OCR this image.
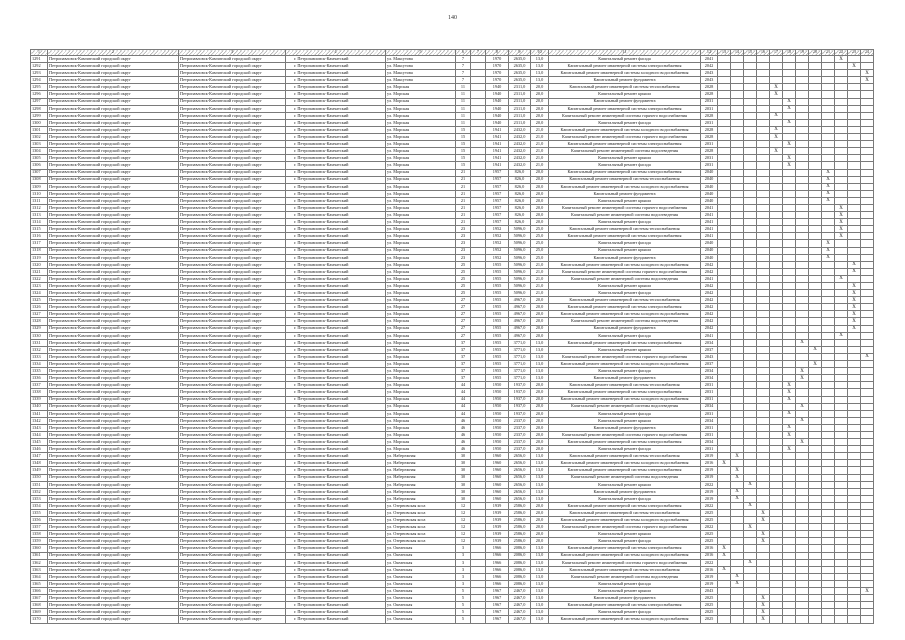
140
1	2	3	4	5	6	7	8	9	10	11	12	13	14	15	16	17	18	19	20	21	22	23	24
1291	Петропавловск-Камчатский городской округ	Петропавловск-Камчатский городской округ	г. Петропавловск-Камчатский	ул. Максутова	7		1970	2635,0	13,0	Капитальный ремонт фасада	2041										X		
1292	Петропавловск-Камчатский городской округ	Петропавловск-Камчатский городской округ	г. Петропавловск-Камчатский	ул. Максутова	7		1970	2635,0	13,0	Капитальный ремонт инженерной системы электроснабжения	2042											X	
1293	Петропавловск-Камчатский городской округ	Петропавловск-Камчатский городской округ	г. Петропавловск-Камчатский	ул. Максутова	7		1970	2635,0	13,0	Капитальный ремонт инженерной системы холодного водоснабжения	2043												X
1294	Петропавловск-Камчатский городской округ	Петропавловск-Камчатский городской округ	г. Петропавловск-Камчатский	ул. Максутова	7		1970	2635,0	13,0	Капитальный ремонт фундамента	2043												X
1295	Петропавловск-Камчатский городской округ	Петропавловск-Камчатский городской округ	г. Петропавловск-Камчатский	ул. Морская	11		1940	2311,0	20,0	Капитальный ремонт инженерной системы теплоснабжения	2028					X							
1296	Петропавловск-Камчатский городской округ	Петропавловск-Камчатский городской округ	г. Петропавловск-Камчатский	ул. Морская	11		1940	2311,0	20,0	Капитальный ремонт крыши	2028					X							
1297	Петропавловск-Камчатский городской округ	Петропавловск-Камчатский городской округ	г. Петропавловск-Камчатский	ул. Морская	11		1940	2311,0	20,0	Капитальный ремонт фундамента	2031						X						
1298	Петропавловск-Камчатский городской округ	Петропавловск-Камчатский городской округ	г. Петропавловск-Камчатский	ул. Морская	11		1940	2311,0	20,0	Капитальный ремонт инженерной системы электроснабжения	2031						X						
1299	Петропавловск-Камчатский городской округ	Петропавловск-Камчатский городской округ	г. Петропавловск-Камчатский	ул. Морская	11		1940	2311,0	20,0	Капитальный ремонт инженерной системы горячего водоснабжения	2028					X							
1300	Петропавловск-Камчатский городской округ	Петропавловск-Камчатский городской округ	г. Петропавловск-Камчатский	ул. Морская	11		1940	2311,0	20,0	Капитальный ремонт фасада	2031						X						
1301	Петропавловск-Камчатский городской округ	Петропавловск-Камчатский городской округ	г. Петропавловск-Камчатский	ул. Морская	15		1941	2432,0	21,0	Капитальный ремонт инженерной системы холодного водоснабжения	2028					X							
1302	Петропавловск-Камчатский городской округ	Петропавловск-Камчатский городской округ	г. Петропавловск-Камчатский	ул. Морская	15		1941	2432,0	21,0	Капитальный ремонт инженерной системы горячего водоснабжения	2028					X							
1303	Петропавловск-Камчатский городской округ	Петропавловск-Камчатский городской округ	г. Петропавловск-Камчатский	ул. Морская	15		1941	2432,0	21,0	Капитальный ремонт инженерной системы электроснабжения	2031						X						
1304	Петропавловск-Камчатский городской округ	Петропавловск-Камчатский городской округ	г. Петропавловск-Камчатский	ул. Морская	15		1941	2432,0	21,0	Капитальный ремонт инженерной системы водоотведения	2028					X							
1305	Петропавловск-Камчатский городской округ	Петропавловск-Камчатский городской округ	г. Петропавловск-Камчатский	ул. Морская	15		1941	2432,0	21,0	Капитальный ремонт крыши	2031						X						
1306	Петропавловск-Камчатский городской округ	Петропавловск-Камчатский городской округ	г. Петропавловск-Камчатский	ул. Морская	15		1941	2432,0	21,0	Капитальный ремонт фасада	2031						X						
1307	Петропавловск-Камчатский городской округ	Петропавловск-Камчатский городской округ	г. Петропавловск-Камчатский	ул. Морская	21		1957	826,0	20,0	Капитальный ремонт инженерной системы электроснабжения	2040									X			
1308	Петропавловск-Камчатский городской округ	Петропавловск-Камчатский городской округ	г. Петропавловск-Камчатский	ул. Морская	21		1957	826,0	20,0	Капитальный ремонт инженерной системы теплоснабжения	2040									X			
1309	Петропавловск-Камчатский городской округ	Петропавловск-Камчатский городской округ	г. Петропавловск-Камчатский	ул. Морская	21		1957	826,0	20,0	Капитальный ремонт инженерной системы холодного водоснабжения	2040									X			
1310	Петропавловск-Камчатский городской округ	Петропавловск-Камчатский городской округ	г. Петропавловск-Камчатский	ул. Морская	21		1957	826,0	20,0	Капитальный ремонт фундамента	2040									X			
1311	Петропавловск-Камчатский городской округ	Петропавловск-Камчатский городской округ	г. Петропавловск-Камчатский	ул. Морская	21		1957	826,0	20,0	Капитальный ремонт крыши	2040									X			
1312	Петропавловск-Камчатский городской округ	Петропавловск-Камчатский городской округ	г. Петропавловск-Камчатский	ул. Морская	21		1957	826,0	20,0	Капитальный ремонт инженерной системы горячего водоснабжения	2041										X		
1313	Петропавловск-Камчатский городской округ	Петропавловск-Камчатский городской округ	г. Петропавловск-Камчатский	ул. Морская	21		1957	826,0	20,0	Капитальный ремонт инженерной системы водоотведения	2041										X		
1314	Петропавловск-Камчатский городской округ	Петропавловск-Камчатский городской округ	г. Петропавловск-Камчатский	ул. Морская	21		1957	826,0	20,0	Капитальный ремонт фасада	2041										X		
1315	Петропавловск-Камчатский городской округ	Петропавловск-Камчатский городской округ	г. Петропавловск-Камчатский	ул. Морская	23		1952	5096,0	25,0	Капитальный ремонт инженерной системы теплоснабжения	2041										X		
1316	Петропавловск-Камчатский городской округ	Петропавловск-Камчатский городской округ	г. Петропавловск-Камчатский	ул. Морская	23		1952	5096,0	25,0	Капитальный ремонт инженерной системы электроснабжения	2041										X		
1317	Петропавловск-Камчатский городской округ	Петропавловск-Камчатский городской округ	г. Петропавловск-Камчатский	ул. Морская	23		1952	5096,0	25,0	Капитальный ремонт фасада	2040									X			
1318	Петропавловск-Камчатский городской округ	Петропавловск-Камчатский городской округ	г. Петропавловск-Камчатский	ул. Морская	23		1952	5096,0	25,0	Капитальный ремонт крыши	2040									X			
1319	Петропавловск-Камчатский городской округ	Петропавловск-Камчатский городской округ	г. Петропавловск-Камчатский	ул. Морская	23		1952	5096,0	25,0	Капитальный ремонт фундамента	2040									X			
1320	Петропавловск-Камчатский городской округ	Петропавловск-Камчатский городской округ	г. Петропавловск-Камчатский	ул. Морская	25		1955	5096,0	21,0	Капитальный ремонт инженерной системы холодного водоснабжения	2042											X	
1321	Петропавловск-Камчатский городской округ	Петропавловск-Камчатский городской округ	г. Петропавловск-Камчатский	ул. Морская	25		1955	5096,0	21,0	Капитальный ремонт инженерной системы горячего водоснабжения	2042											X	
1322	Петропавловск-Камчатский городской округ	Петропавловск-Камчатский городской округ	г. Петропавловск-Камчатский	ул. Морская	25		1955	5096,0	21,0	Капитальный ремонт инженерной системы водоотведения	2041										X		
1323	Петропавловск-Камчатский городской округ	Петропавловск-Камчатский городской округ	г. Петропавловск-Камчатский	ул. Морская	25		1955	5096,0	21,0	Капитальный ремонт крыши	2042											X	
1324	Петропавловск-Камчатский городской округ	Петропавловск-Камчатский городской округ	г. Петропавловск-Камчатский	ул. Морская	25		1955	5096,0	21,0	Капитальный ремонт фасада	2042											X	
1325	Петропавловск-Камчатский городской округ	Петропавловск-Камчатский городской округ	г. Петропавловск-Камчатский	ул. Морская	27		1955	4967,0	20,0	Капитальный ремонт инженерной системы теплоснабжения	2042											X	
1326	Петропавловск-Камчатский городской округ	Петропавловск-Камчатский городской округ	г. Петропавловск-Камчатский	ул. Морская	27		1955	4967,0	20,0	Капитальный ремонт инженерной системы электроснабжения	2042											X	
1327	Петропавловск-Камчатский городской округ	Петропавловск-Камчатский городской округ	г. Петропавловск-Камчатский	ул. Морская	27		1955	4967,0	20,0	Капитальный ремонт инженерной системы холодного водоснабжения	2042											X	
1328	Петропавловск-Камчатский городской округ	Петропавловск-Камчатский городской округ	г. Петропавловск-Камчатский	ул. Морская	27		1955	4967,0	20,0	Капитальный ремонт инженерной системы водоотведения	2042											X	
1329	Петропавловск-Камчатский городской округ	Петропавловск-Камчатский городской округ	г. Петропавловск-Камчатский	ул. Морская	27		1955	4967,0	20,0	Капитальный ремонт фундамента	2042											X	
1330	Петропавловск-Камчатский городской округ	Петропавловск-Камчатский городской округ	г. Петропавловск-Камчатский	ул. Морская	27		1955	4967,0	20,0	Капитальный ремонт фасада	2041										X		
1331	Петропавловск-Камчатский городской округ	Петропавловск-Камчатский городской округ	г. Петропавловск-Камчатский	ул. Морская	37		1955	3771,0	13,0	Капитальный ремонт инженерной системы электроснабжения	2034							X					
1332	Петропавловск-Камчатский городской округ	Петропавловск-Камчатский городской округ	г. Петропавловск-Камчатский	ул. Морская	37		1955	3771,0	13,0	Капитальный ремонт крыши	2037								X				
1333	Петропавловск-Камчатский городской округ	Петропавловск-Камчатский городской округ	г. Петропавловск-Камчатский	ул. Морская	37		1955	3771,0	13,0	Капитальный ремонт инженерной системы горячего водоснабжения	2043												X
1334	Петропавловск-Камчатский городской округ	Петропавловск-Камчатский городской округ	г. Петропавловск-Камчатский	ул. Морская	37		1955	3771,0	13,0	Капитальный ремонт инженерной системы холодного водоснабжения	2037								X				
1335	Петропавловск-Камчатский городской округ	Петропавловск-Камчатский городской округ	г. Петропавловск-Камчатский	ул. Морская	37		1955	3771,0	13,0	Капитальный ремонт фасада	2034							X					
1336	Петропавловск-Камчатский городской округ	Петропавловск-Камчатский городской округ	г. Петропавловск-Камчатский	ул. Морская	37		1955	3771,0	13,0	Капитальный ремонт фундамента	2034							X					
1337	Петропавловск-Камчатский городской округ	Петропавловск-Камчатский городской округ	г. Петропавловск-Камчатский	ул. Морская	44		1950	1937,0	20,0	Капитальный ремонт инженерной системы теплоснабжения	2031						X						
1338	Петропавловск-Камчатский городской округ	Петропавловск-Камчатский городской округ	г. Петропавловск-Камчатский	ул. Морская	44		1950	1937,0	20,0	Капитальный ремонт инженерной системы электроснабжения	2031						X						
1339	Петропавловск-Камчатский городской округ	Петропавловск-Камчатский городской округ	г. Петропавловск-Камчатский	ул. Морская	44		1950	1937,0	20,0	Капитальный ремонт инженерной системы холодного водоснабжения	2031						X						
1340	Петропавловск-Камчатский городской округ	Петропавловск-Камчатский городской округ	г. Петропавловск-Камчатский	ул. Морская	44		1950	1937,0	20,0	Капитальный ремонт инженерной системы водоотведения	2034							X					
1341	Петропавловск-Камчатский городской округ	Петропавловск-Камчатский городской округ	г. Петропавловск-Камчатский	ул. Морская	44		1950	1937,0	20,0	Капитальный ремонт фасада	2031						X						
1342	Петропавловск-Камчатский городской округ	Петропавловск-Камчатский городской округ	г. Петропавловск-Камчатский	ул. Морская	46		1950	2337,0	20,0	Капитальный ремонт крыши	2034							X					
1343	Петропавловск-Камчатский городской округ	Петропавловск-Камчатский городской округ	г. Петропавловск-Камчатский	ул. Морская	46		1950	2337,0	20,0	Капитальный ремонт фундамента	2031						X						
1344	Петропавловск-Камчатский городской округ	Петропавловск-Камчатский городской округ	г. Петропавловск-Камчатский	ул. Морская	46		1950	2337,0	20,0	Капитальный ремонт инженерной системы горячего водоснабжения	2031						X						
1345	Петропавловск-Камчатский городской округ	Петропавловск-Камчатский городской округ	г. Петропавловск-Камчатский	ул. Морская	46		1950	2337,0	20,0	Капитальный ремонт инженерной системы электроснабжения	2034							X					
1346	Петропавловск-Камчатский городской округ	Петропавловск-Камчатский городской округ	г. Петропавловск-Камчатский	ул. Морская	46		1950	2337,0	20,0	Капитальный ремонт фасада	2031						X						
1347	Петропавловск-Камчатский городской округ	Петропавловск-Камчатский городской округ	г. Петропавловск-Камчатский	ул. Набережная	30		1960	2656,0	13,0	Капитальный ремонт инженерной системы теплоснабжения	2019		X										
1348	Петропавловск-Камчатский городской округ	Петропавловск-Камчатский городской округ	г. Петропавловск-Камчатский	ул. Набережная	30		1960	2656,0	13,0	Капитальный ремонт инженерной системы холодного водоснабжения	2016	X											
1349	Петропавловск-Камчатский городской округ	Петропавловск-Камчатский городской округ	г. Петропавловск-Камчатский	ул. Набережная	30		1960	2656,0	13,0	Капитальный ремонт инженерной системы электроснабжения	2019		X										
1350	Петропавловск-Камчатский городской округ	Петропавловск-Камчатский городской округ	г. Петропавловск-Камчатский	ул. Набережная	30		1960	2656,0	13,0	Капитальный ремонт инженерной системы водоотведения	2019		X										
1351	Петропавловск-Камчатский городской округ	Петропавловск-Камчатский городской округ	г. Петропавловск-Камчатский	ул. Набережная	30		1960	2656,0	13,0	Капитальный ремонт крыши	2022			X									
1352	Петропавловск-Камчатский городской округ	Петропавловск-Камчатский городской округ	г. Петропавловск-Камчатский	ул. Набережная	30		1960	2656,0	13,0	Капитальный ремонт фундамента	2019		X										
1353	Петропавловск-Камчатский городской округ	Петропавловск-Камчатский городской округ	г. Петропавловск-Камчатский	ул. Набережная	30		1960	2656,0	13,0	Капитальный ремонт фасада	2019		X										
1354	Петропавловск-Камчатский городской округ	Петропавловск-Камчатский городской округ	г. Петропавловск-Камчатский	ул. Озерновская коса	12		1939	2586,0	20,0	Капитальный ремонт инженерной системы электроснабжения	2022			X									
1355	Петропавловск-Камчатский городской округ	Петропавловск-Камчатский городской округ	г. Петропавловск-Камчатский	ул. Озерновская коса	12		1939	2586,0	20,0	Капитальный ремонт инженерной системы теплоснабжения	2025				X								
1356	Петропавловск-Камчатский городской округ	Петропавловск-Камчатский городской округ	г. Петропавловск-Камчатский	ул. Озерновская коса	12		1939	2586,0	20,0	Капитальный ремонт инженерной системы холодного водоснабжения	2025				X								
1357	Петропавловск-Камчатский городской округ	Петропавловск-Камчатский городской округ	г. Петропавловск-Камчатский	ул. Озерновская коса	12		1939	2586,0	20,0	Капитальный ремонт инженерной системы горячего водоснабжения	2022			X									
1358	Петропавловск-Камчатский городской округ	Петропавловск-Камчатский городской округ	г. Петропавловск-Камчатский	ул. Озерновская коса	12		1939	2586,0	20,0	Капитальный ремонт крыши	2025				X								
1359	Петропавловск-Камчатский городской округ	Петропавловск-Камчатский городской округ	г. Петропавловск-Камчатский	ул. Озерновская коса	12		1939	2586,0	20,0	Капитальный ремонт фасада	2025				X								
1360	Петропавловск-Камчатский городской округ	Петропавловск-Камчатский городской округ	г. Петропавловск-Камчатский	ул. Океанская	3		1966	2086,0	13,0	Капитальный ремонт инженерной системы электроснабжения	2016	X											
1361	Петропавловск-Камчатский городской округ	Петропавловск-Камчатский городской округ	г. Петропавловск-Камчатский	ул. Океанская	3		1966	2086,0	13,0	Капитальный ремонт инженерной системы холодного водоснабжения	2016	X											
1362	Петропавловск-Камчатский городской округ	Петропавловск-Камчатский городской округ	г. Петропавловск-Камчатский	ул. Океанская	3		1966	2086,0	13,0	Капитальный ремонт инженерной системы горячего водоснабжения	2022			X									
1363	Петропавловск-Камчатский городской округ	Петропавловск-Камчатский городской округ	г. Петропавловск-Камчатский	ул. Океанская	3		1966	2086,0	13,0	Капитальный ремонт инженерной системы теплоснабжения	2016	X											
1364	Петропавловск-Камчатский городской округ	Петропавловск-Камчатский городской округ	г. Петропавловск-Камчатский	ул. Океанская	3		1966	2086,0	13,0	Капитальный ремонт инженерной системы водоотведения	2019		X										
1365	Петропавловск-Камчатский городской округ	Петропавловск-Камчатский городской округ	г. Петропавловск-Камчатский	ул. Океанская	3		1966	2086,0	13,0	Капитальный ремонт фасада	2019		X										
1366	Петропавловск-Камчатский городской округ	Петропавловск-Камчатский городской округ	г. Петропавловск-Камчатский	ул. Океанская	5		1967	2467,0	13,0	Капитальный ремонт крыши	2043												X
1367	Петропавловск-Камчатский городской округ	Петропавловск-Камчатский городской округ	г. Петропавловск-Камчатский	ул. Океанская	5		1967	2467,0	13,0	Капитальный ремонт фундамента	2025				X								
1368	Петропавловск-Камчатский городской округ	Петропавловск-Камчатский городской округ	г. Петропавловск-Камчатский	ул. Океанская	5		1967	2467,0	13,0	Капитальный ремонт инженерной системы электроснабжения	2025				X								
1369	Петропавловск-Камчатский городской округ	Петропавловск-Камчатский городской округ	г. Петропавловск-Камчатский	ул. Океанская	5		1967	2467,0	13,0	Капитальный ремонт фасада	2025				X								
1370	Петропавловск-Камчатский городской округ	Петропавловск-Камчатский городской округ	г. Петропавловск-Камчатский	ул. Океанская	5		1967	2467,0	13,0	Капитальный ремонт инженерной системы холодного водоснабжения	2025				X								
